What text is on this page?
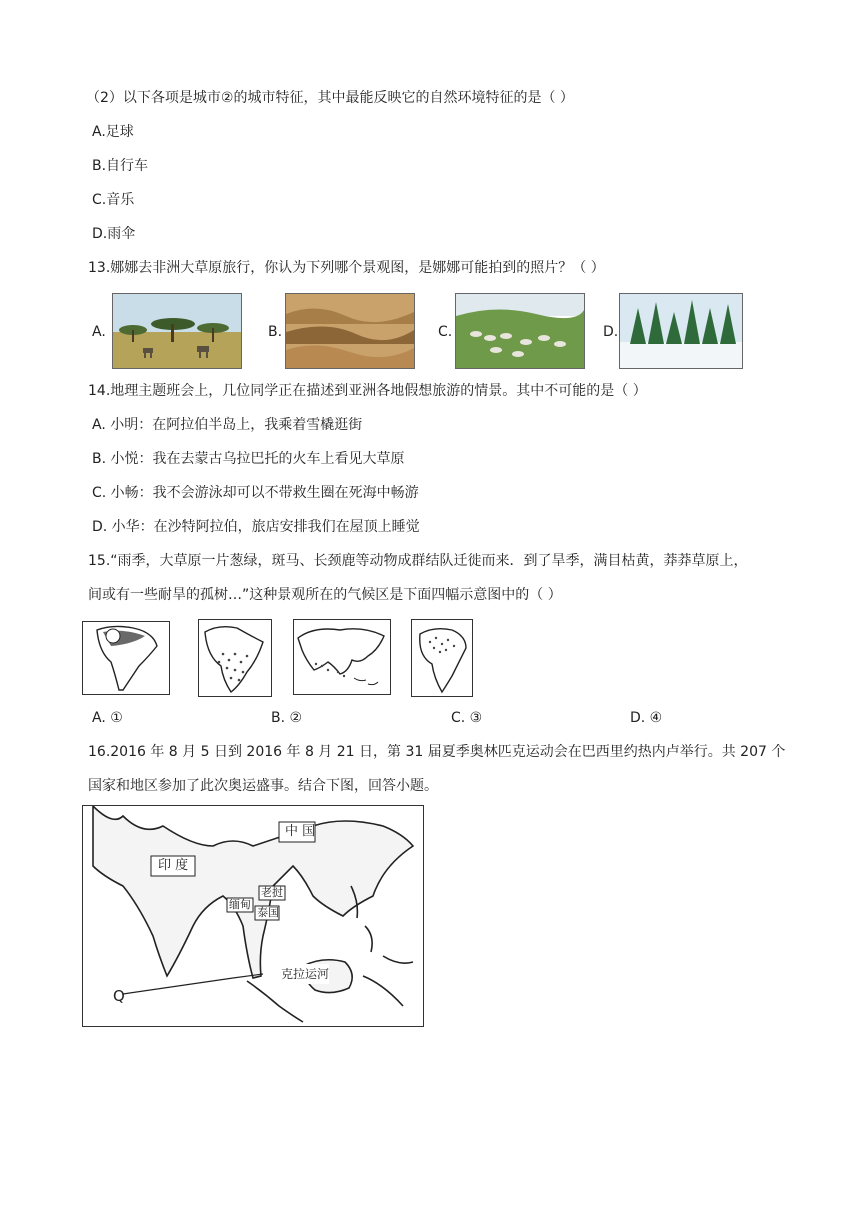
（2）以下各项是城市②的城市特征，其中最能反映它的自然环境特征的是（ ）
A.足球
B.自行车
C.音乐
D.雨伞
13.娜娜去非洲大草原旅行，你认为下列哪个景观图，是娜娜可能拍到的照片？（ ）
A.	B.	C.	D.
14.地理主题班会上，几位同学正在描述到亚洲各地假想旅游的情景。其中不可能的是（ ）
A. 小明：在阿拉伯半岛上，我乘着雪橇逛街
B. 小悦：我在去蒙古乌拉巴托的火车上看见大草原
C. 小畅：我不会游泳却可以不带救生圈在死海中畅游
D. 小华：在沙特阿拉伯，旅店安排我们在屋顶上睡觉
15.“雨季，大草原一片葱绿，斑马、长颈鹿等动物成群结队迁徙而来．到了旱季，满目枯黄，莽莽草原上，
间或有一些耐旱的孤树…”这种景观所在的气候区是下面四幅示意图中的（ ）
A. ①	B. ②	C. ③	D. ④
16.2016 年 8 月 5 日到 2016 年 8 月 21 日，第 31 届夏季奥林匹克运动会在巴西里约热内卢举行。共 207 个
国家和地区参加了此次奥运盛事。结合下图，回答小题。
中 国
印 度
老挝
泰国
缅甸
克拉运河
Q
